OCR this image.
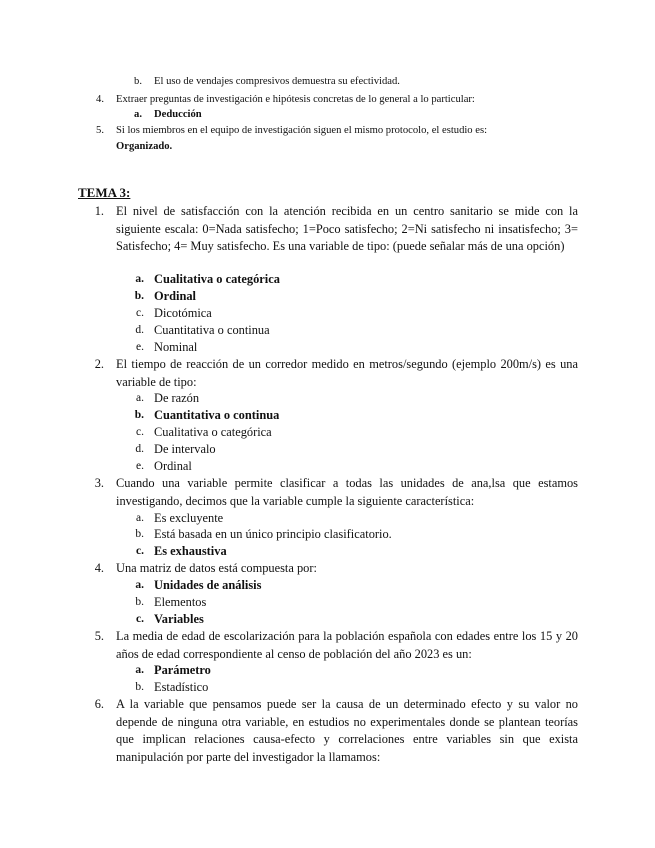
b. El uso de vendajes compresivos demuestra su efectividad.
4. Extraer preguntas de investigación e hipótesis concretas de lo general a lo particular:
a. Deducción
5. Si los miembros en el equipo de investigación siguen el mismo protocolo, el estudio es:
Organizado.
TEMA 3:
1. El nivel de satisfacción con la atención recibida en un centro sanitario se mide con la siguiente escala: 0=Nada satisfecho; 1=Poco satisfecho; 2=Ni satisfecho ni insatisfecho; 3= Satisfecho; 4= Muy satisfecho. Es una variable de tipo: (puede señalar más de una opción)
a. Cualitativa o categórica
b. Ordinal
c. Dicotómica
d. Cuantitativa o continua
e. Nominal
2. El tiempo de reacción de un corredor medido en metros/segundo (ejemplo 200m/s) es una variable de tipo:
a. De razón
b. Cuantitativa o continua
c. Cualitativa o categórica
d. De intervalo
e. Ordinal
3. Cuando una variable permite clasificar a todas las unidades de ana,lsa que estamos investigando, decimos que la variable cumple la siguiente característica:
a. Es excluyente
b. Está basada en un único principio clasificatorio.
c. Es exhaustiva
4. Una matriz de datos está compuesta por:
a. Unidades de análisis
b. Elementos
c. Variables
5. La media de edad de escolarización para la población española con edades entre los 15 y 20 años de edad correspondiente al censo de población del año 2023 es un:
a. Parámetro
b. Estadístico
6. A la variable que pensamos puede ser la causa de un determinado efecto y su valor no depende de ninguna otra variable, en estudios no experimentales donde se plantean teorías que implican relaciones causa-efecto y correlaciones entre variables sin que exista manipulación por parte del investigador la llamamos:
